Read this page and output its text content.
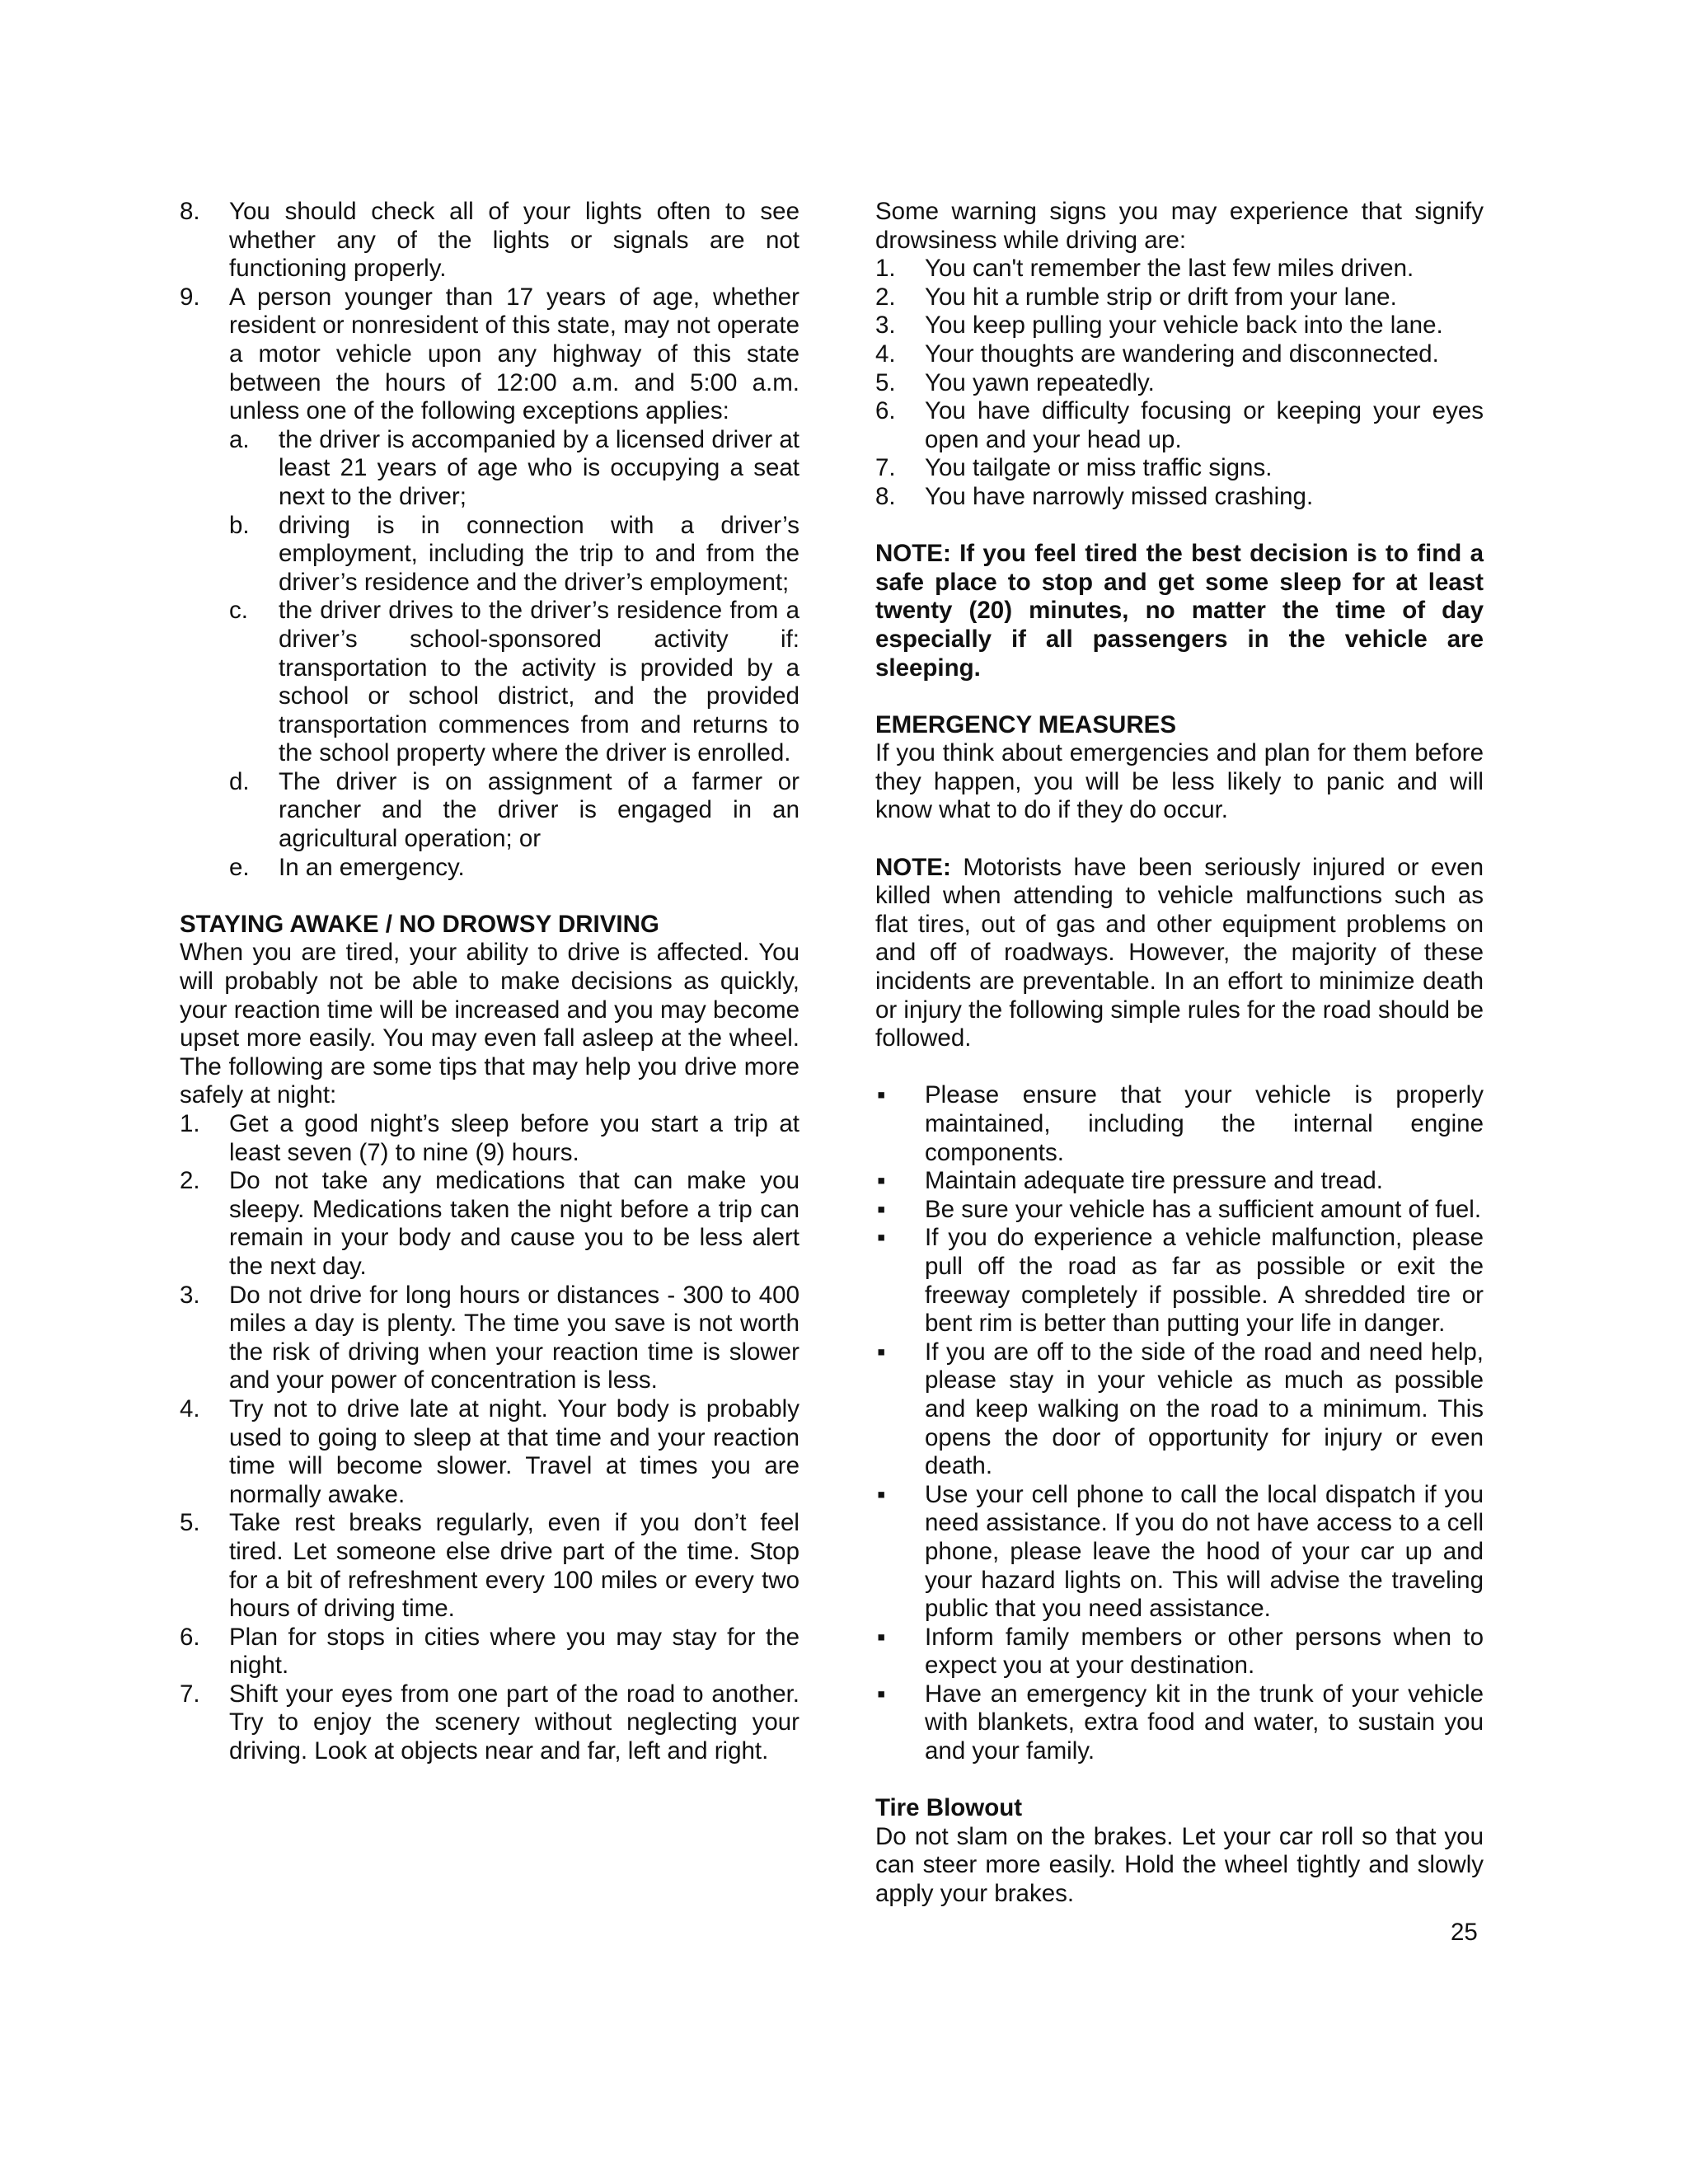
8.	You should check all of your lights often to see whether any of the lights or signals are not functioning properly.
9.	A person younger than 17 years of age, whether resident or nonresident of this state, may not operate a motor vehicle upon any highway of this state between the hours of 12:00 a.m. and 5:00 a.m. unless one of the following exceptions applies:
a.	the driver is accompanied by a licensed driver at least 21 years of age who is occupying a seat next to the driver;
b.	driving is in connection with a driver’s employment, including the trip to and from the driver’s residence and the driver’s employment;
c.	the driver drives to the driver’s residence from a driver’s school-sponsored activity if: transportation to the activity is provided by a school or school district, and the provided transportation commences from and returns to the school property where the driver is enrolled.
d.	The driver is on assignment of a farmer or rancher and the driver is engaged in an agricultural operation; or
e.	In an emergency.

STAYING AWAKE / NO DROWSY DRIVING

When you are tired, your ability to drive is affected. You will probably not be able to make decisions as quickly, your reaction time will be increased and you may become upset more easily. You may even fall asleep at the wheel. The following are some tips that may help you drive more safely at night:

1.	Get a good night’s sleep before you start a trip at least seven (7) to nine (9) hours.
2.	Do not take any medications that can make you sleepy. Medications taken the night before a trip can remain in your body and cause you to be less alert the next day.
3.	Do not drive for long hours or distances - 300 to 400 miles a day is plenty. The time you save is not worth the risk of driving when your reaction time is slower and your power of concentration is less.
4.	Try not to drive late at night. Your body is probably used to going to sleep at that time and your reaction time will become slower. Travel at times you are normally awake.
5.	Take rest breaks regularly, even if you don’t feel tired. Let someone else drive part of the time. Stop for a bit of refreshment every 100 miles or every two hours of driving time.
6.	Plan for stops in cities where you may stay for the night.
7.	Shift your eyes from one part of the road to another. Try to enjoy the scenery without neglecting your driving. Look at objects near and far, left and right.

Some warning signs you may experience that signify drowsiness while driving are:

1.	You can't remember the last few miles driven.
2.	You hit a rumble strip or drift from your lane.
3.	You keep pulling your vehicle back into the lane.
4.	Your thoughts are wandering and disconnected.
5.	You yawn repeatedly.
6.	You have difficulty focusing or keeping your eyes open and your head up.
7.	You tailgate or miss traffic signs.
8.	You have narrowly missed crashing.

NOTE: If you feel tired the best decision is to find a safe place to stop and get some sleep for at least twenty (20) minutes, no matter the time of day especially if all passengers in the vehicle are sleeping.

EMERGENCY MEASURES

If you think about emergencies and plan for them before they happen, you will be less likely to panic and will know what to do if they do occur.

NOTE: Motorists have been seriously injured or even killed when attending to vehicle malfunctions such as flat tires, out of gas and other equipment problems on and off of roadways. However, the majority of these incidents are preventable. In an effort to minimize death or injury the following simple rules for the road should be followed.

▪	Please ensure that your vehicle is properly maintained, including the internal engine components.
▪	Maintain adequate tire pressure and tread.
▪	Be sure your vehicle has a sufficient amount of fuel.
▪	If you do experience a vehicle malfunction, please pull off the road as far as possible or exit the freeway completely if possible. A shredded tire or bent rim is better than putting your life in danger.
▪	If you are off to the side of the road and need help, please stay in your vehicle as much as possible and keep walking on the road to a minimum. This opens the door of opportunity for injury or even death.
▪	Use your cell phone to call the local dispatch if you need assistance. If you do not have access to a cell phone, please leave the hood of your car up and your hazard lights on. This will advise the traveling public that you need assistance.
▪	Inform family members or other persons when to expect you at your destination.
▪	Have an emergency kit in the trunk of your vehicle with blankets, extra food and water, to sustain you and your family.

Tire Blowout

Do not slam on the brakes. Let your car roll so that you can steer more easily. Hold the wheel tightly and slowly apply your brakes.

25
